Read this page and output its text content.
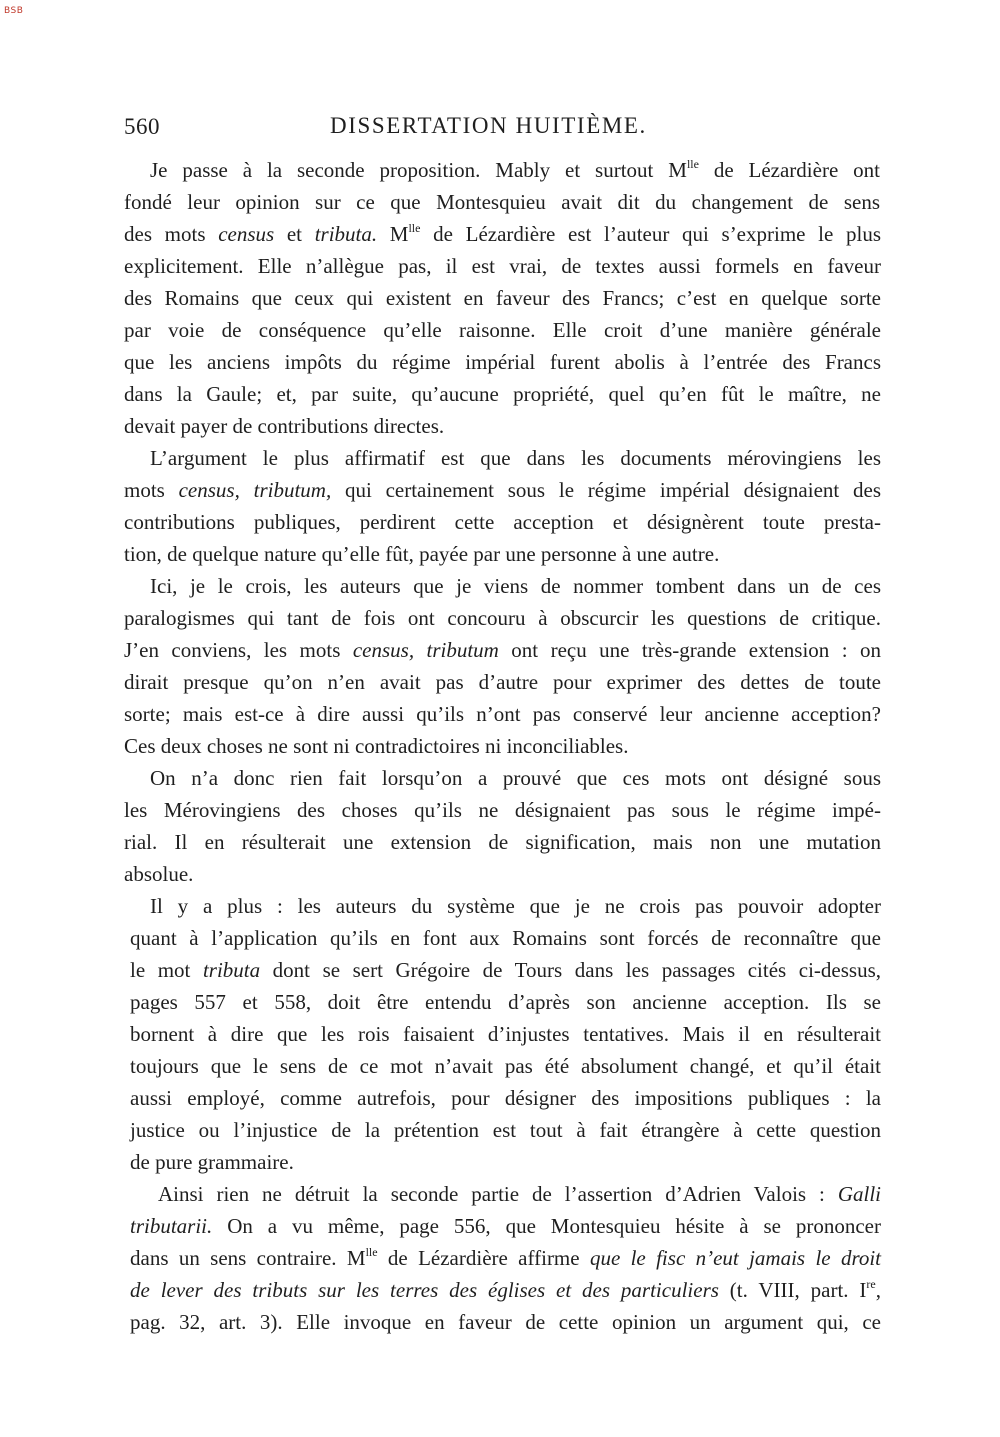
BSB
560	DISSERTATION HUITIÈME.
Je passe à la seconde proposition. Mably et surtout $M^{lle}$ de Lézardière ont
fondé leur opinion sur ce que Montesquieu avait dit du changement de sens
des mots census et tributa. $M^{lle}$ de Lézardière est l’auteur qui s’exprime le plus
explicitement. Elle n’allègue pas, il est vrai, de textes aussi formels en faveur
des Romains que ceux qui existent en faveur des Francs; c’est en quelque sorte
par voie de conséquence qu’elle raisonne. Elle croit d’une manière générale
que les anciens impôts du régime impérial furent abolis à l’entrée des Francs
dans la Gaule; et, par suite, qu’aucune propriété, quel qu’en fût le maître, ne
devait payer de contributions directes.
L’argument le plus affirmatif est que dans les documents mérovingiens les
mots census, tributum, qui certainement sous le régime impérial désignaient des
contributions publiques, perdirent cette acception et désignèrent toute presta-
tion, de quelque nature qu’elle fût, payée par une personne à une autre.
Ici, je le crois, les auteurs que je viens de nommer tombent dans un de ces
paralogismes qui tant de fois ont concouru à obscurcir les questions de critique.
J’en conviens, les mots census, tributum ont reçu une très-grande extension : on
dirait presque qu’on n’en avait pas d’autre pour exprimer des dettes de toute
sorte; mais est-ce à dire aussi qu’ils n’ont pas conservé leur ancienne acception?
Ces deux choses ne sont ni contradictoires ni inconciliables.
On n’a donc rien fait lorsqu’on a prouvé que ces mots ont désigné sous
les Mérovingiens des choses qu’ils ne désignaient pas sous le régime impé-
rial. Il en résulterait une extension de signification, mais non une mutation
absolue.
Il y a plus : les auteurs du système que je ne crois pas pouvoir adopter
quant à l’application qu’ils en font aux Romains sont forcés de reconnaître que
le mot tributa dont se sert Grégoire de Tours dans les passages cités ci-dessus,
pages 557 et 558, doit être entendu d’après son ancienne acception. Ils se
bornent à dire que les rois faisaient d’injustes tentatives. Mais il en résulterait
toujours que le sens de ce mot n’avait pas été absolument changé, et qu’il était
aussi employé, comme autrefois, pour désigner des impositions publiques : la
justice ou l’injustice de la prétention est tout à fait étrangère à cette question
de pure grammaire.
Ainsi rien ne détruit la seconde partie de l’assertion d’Adrien Valois : Galli
tributarii. On a vu même, page 556, que Montesquieu hésite à se prononcer
dans un sens contraire. $M^{lle}$ de Lézardière affirme que le fisc n’eut jamais le droit
de lever des tributs sur les terres des églises et des particuliers (t. VIII, part. Ire,
pag. 32, art. 3). Elle invoque en faveur de cette opinion un argument qui, ce
